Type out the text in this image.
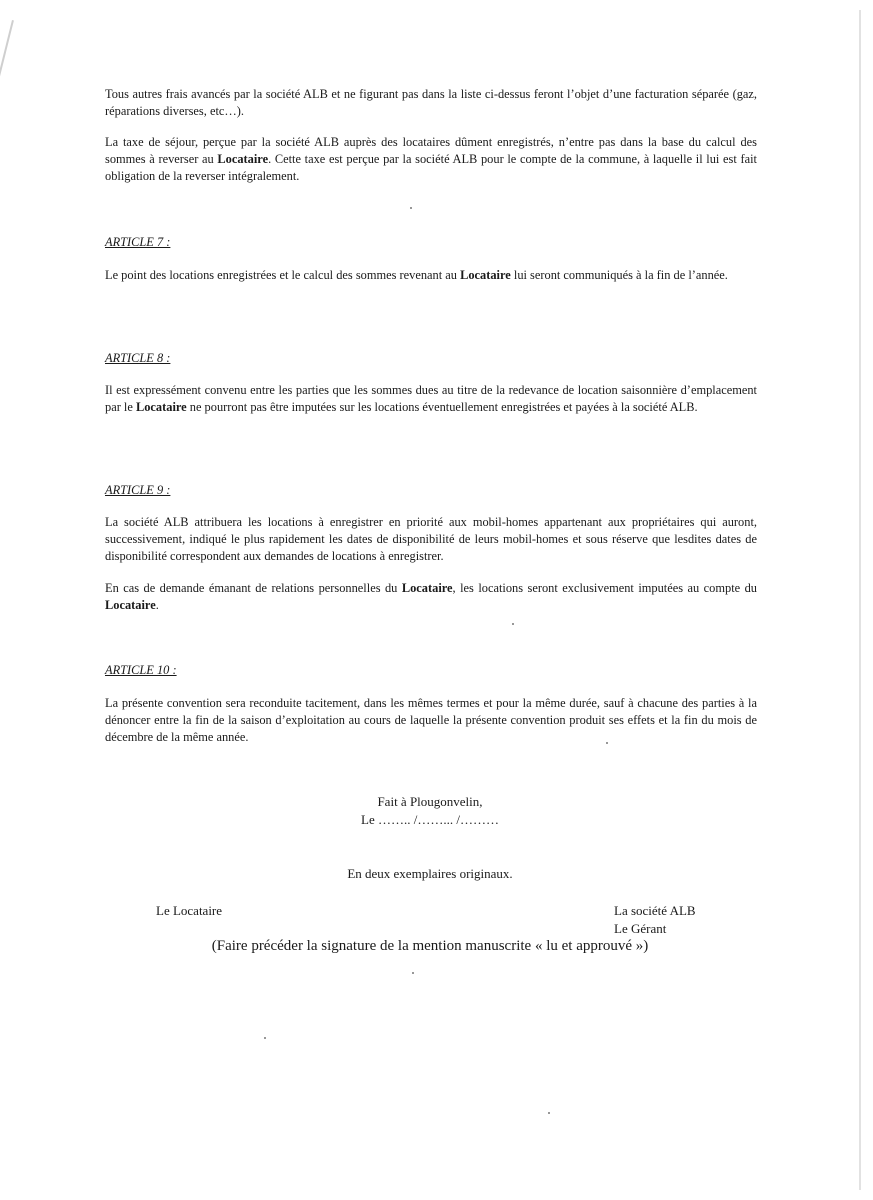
Tous autres frais avancés par la société ALB et ne figurant pas dans la liste ci-dessus feront l’objet d’une facturation séparée (gaz, réparations diverses, etc…).

La taxe de séjour, perçue par la société ALB auprès des locataires dûment enregistrés, n’entre pas dans la base du calcul des sommes à reverser au Locataire. Cette taxe est perçue par la société ALB pour le compte de la commune, à laquelle il lui est fait obligation de la reverser intégralement.

ARTICLE 7 :

Le point des locations enregistrées et le calcul des sommes revenant au Locataire lui seront communiqués à la fin de l’année.

ARTICLE 8 :

Il est expressément convenu entre les parties que les sommes dues au titre de la redevance de location saisonnière d’emplacement par le Locataire ne pourront pas être imputées sur les locations éventuellement enregistrées et payées à la société ALB.

ARTICLE 9 :

La société ALB attribuera les locations à enregistrer en priorité aux mobil-homes appartenant aux propriétaires qui auront, successivement, indiqué le plus rapidement les dates de disponibilité de leurs mobil-homes et sous réserve que lesdites dates de disponibilité correspondent aux demandes de locations à enregistrer.

En cas de demande émanant de relations personnelles du Locataire, les locations seront exclusivement imputées au compte du Locataire.

ARTICLE 10 :

La présente convention sera reconduite tacitement, dans les mêmes termes et pour la même durée, sauf à chacune des parties à la dénoncer entre la fin de la saison d’exploitation au cours de laquelle la présente convention produit ses effets et la fin du mois de décembre de la même année.

Fait à Plougonvelin,
Le …….. /……... /………
En deux exemplaires originaux.
Le Locataire	La société ALB
Le Gérant
(Faire précéder la signature de la mention manuscrite « lu et approuvé »)
